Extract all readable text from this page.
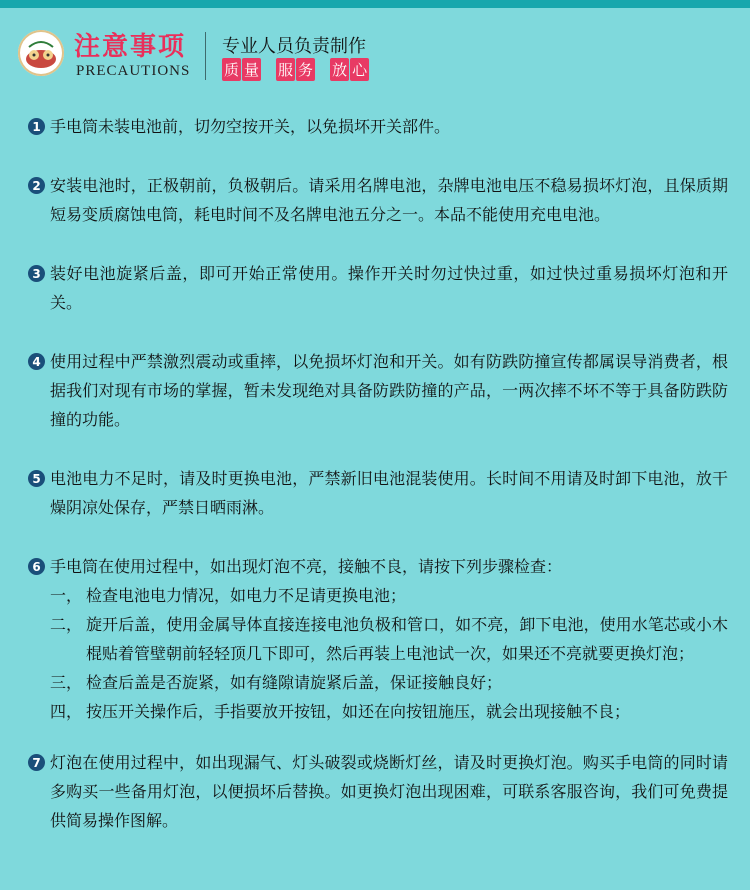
注意事项
PRECAUTIONS
专业人员负责制作
质 量 服 务 放 心
1 手电筒未装电池前，切勿空按开关，以免损坏开关部件。
2 安装电池时，正极朝前，负极朝后。请采用名牌电池，杂牌电池电压不稳易损坏灯泡，且保质期短易变质腐蚀电筒，耗电时间不及名牌电池五分之一。本品不能使用充电电池。
3 装好电池旋紧后盖，即可开始正常使用。操作开关时勿过快过重，如过快过重易损坏灯泡和开关。
4 使用过程中严禁激烈震动或重摔，以免损坏灯泡和开关。如有防跌防撞宣传都属误导消费者，根据我们对现有市场的掌握，暂未发现绝对具备防跌防撞的产品，一两次摔不坏不等于具备防跌防撞的功能。
5 电池电力不足时，请及时更换电池，严禁新旧电池混装使用。长时间不用请及时卸下电池，放干燥阴凉处保存，严禁日晒雨淋。
6 手电筒在使用过程中，如出现灯泡不亮，接触不良，请按下列步骤检查：
一， 检查电池电力情况，如电力不足请更换电池；
二， 旋开后盖，使用金属导体直接连接电池负极和管口，如不亮，卸下电池，使用水笔芯或小木棍贴着管壁朝前轻轻顶几下即可，然后再装上电池试一次，如果还不亮就要更换灯泡；
三， 检查后盖是否旋紧，如有缝隙请旋紧后盖，保证接触良好；
四， 按压开关操作后，手指要放开按钮，如还在向按钮施压，就会出现接触不良；
7 灯泡在使用过程中，如出现漏气、灯头破裂或烧断灯丝，请及时更换灯泡。购买手电筒的同时请多购买一些备用灯泡，以便损坏后替换。如更换灯泡出现困难，可联系客服咨询，我们可免费提供简易操作图解。
